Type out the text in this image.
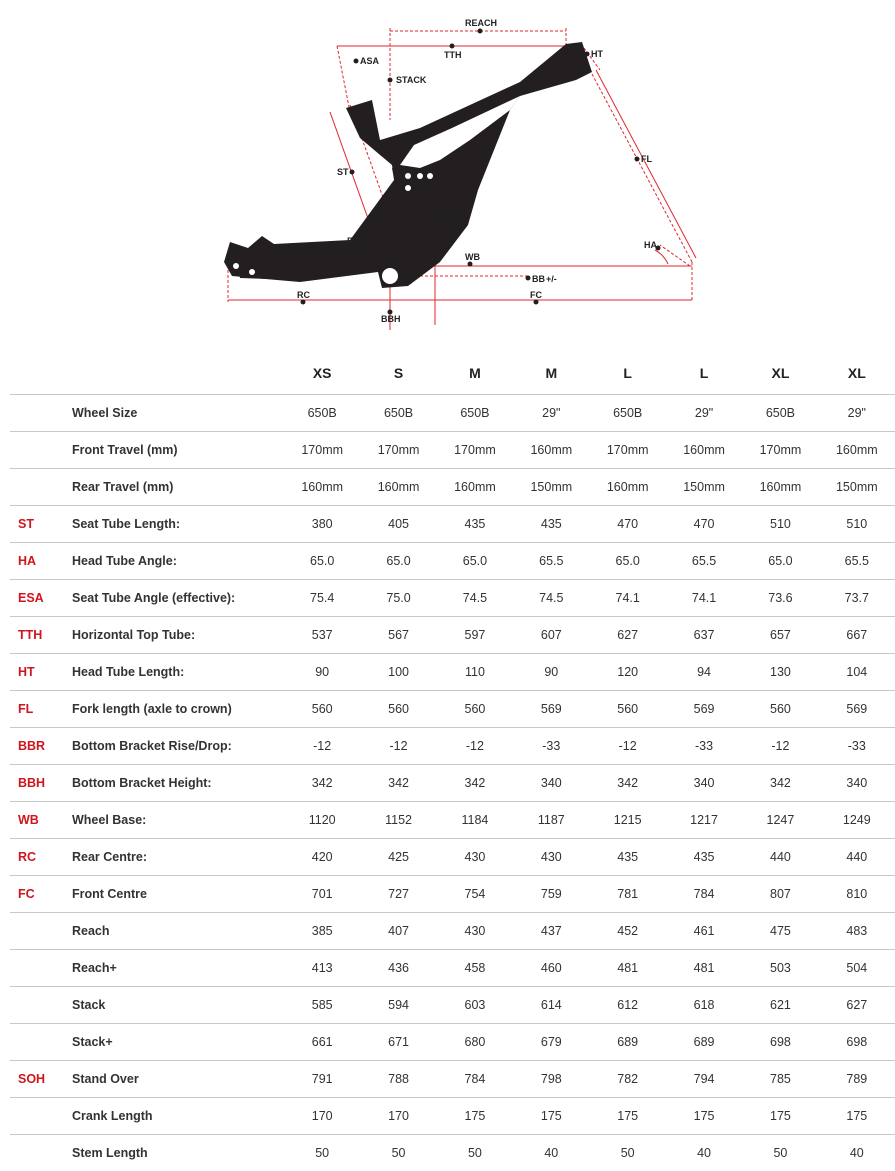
REACH
TTH	HT
ASA
STACK
FL
ST
SOH
ESA	HA
WB
BB +/-
RC	FC
BBH
		XS	S	M	M	L	L	XL	XL
	Wheel Size	650B	650B	650B	29"	650B	29"	650B	29"
	Front Travel (mm)	170mm	170mm	170mm	160mm	170mm	160mm	170mm	160mm
	Rear Travel (mm)	160mm	160mm	160mm	150mm	160mm	150mm	160mm	150mm
ST	Seat Tube Length:	380	405	435	435	470	470	510	510
HA	Head Tube Angle:	65.0	65.0	65.0	65.5	65.0	65.5	65.0	65.5
ESA	Seat Tube Angle (effective):	75.4	75.0	74.5	74.5	74.1	74.1	73.6	73.7
TTH	Horizontal Top Tube:	537	567	597	607	627	637	657	667
HT	Head Tube Length:	90	100	110	90	120	94	130	104
FL	Fork length (axle to crown)	560	560	560	569	560	569	560	569
BBR	Bottom Bracket Rise/Drop:	-12	-12	-12	-33	-12	-33	-12	-33
BBH	Bottom Bracket Height:	342	342	342	340	342	340	342	340
WB	Wheel Base:	1120	1152	1184	1187	1215	1217	1247	1249
RC	Rear Centre:	420	425	430	430	435	435	440	440
FC	Front Centre	701	727	754	759	781	784	807	810
	Reach	385	407	430	437	452	461	475	483
	Reach+	413	436	458	460	481	481	503	504
	Stack	585	594	603	614	612	618	621	627
	Stack+	661	671	680	679	689	689	698	698
SOH	Stand Over	791	788	784	798	782	794	785	789
	Crank Length	170	170	175	175	175	175	175	175
	Stem Length	50	50	50	40	50	40	50	40
